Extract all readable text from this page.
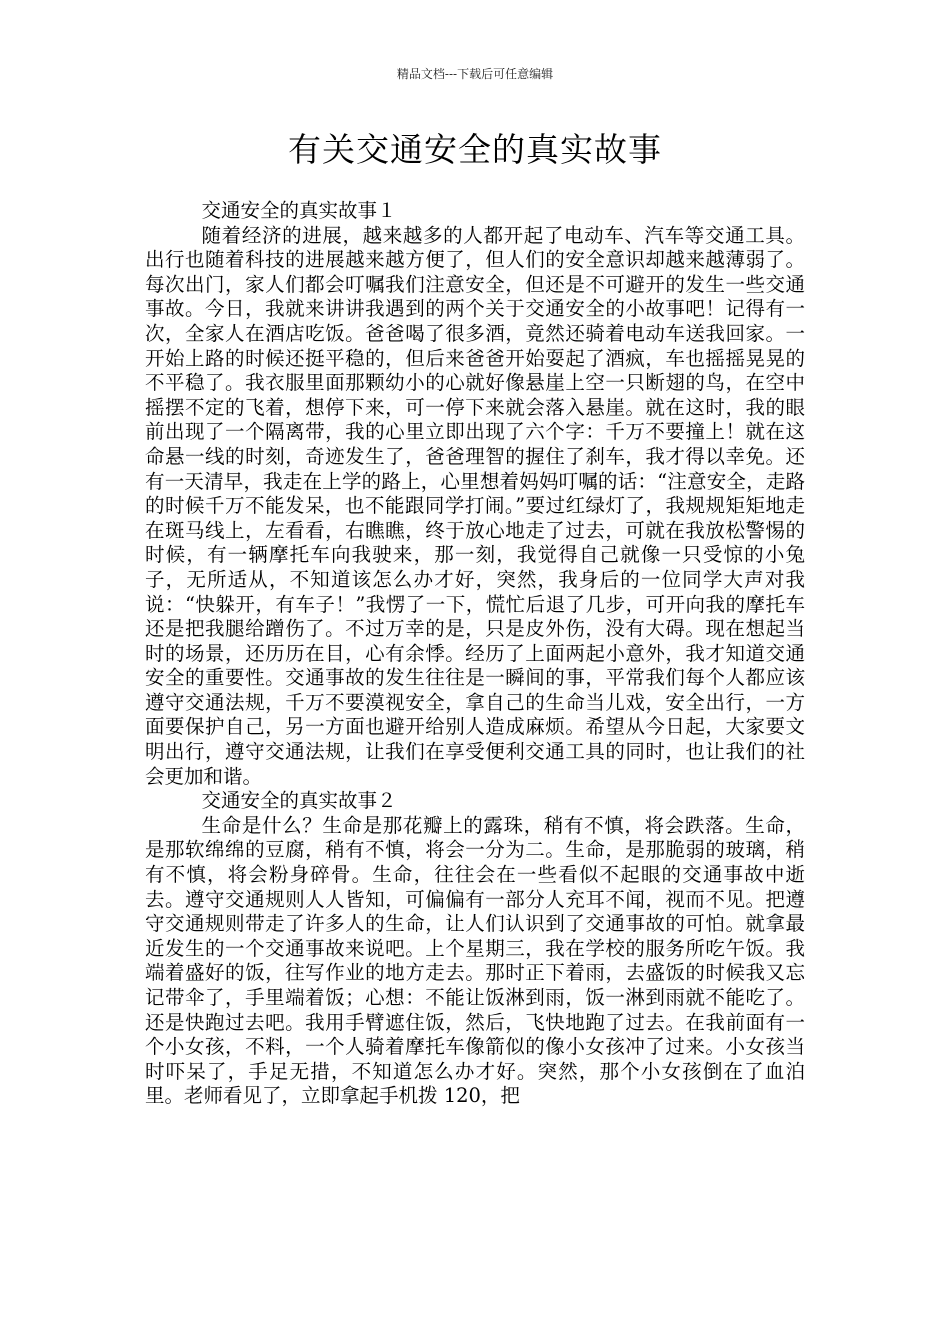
精品文档---下载后可任意编辑
有关交通安全的真实故事

交通安全的真实故事１

随着经济的进展，越来越多的人都开起了电动车、汽车等交通工具。出行也随着科技的进展越来越方便了，但人们的安全意识却越来越薄弱了。每次出门，家人们都会叮嘱我们注意安全，但还是不可避开的发生一些交通事故。今日，我就来讲讲我遇到的两个关于交通安全的小故事吧！记得有一次，全家人在酒店吃饭。爸爸喝了很多酒，竟然还骑着电动车送我回家。一开始上路的时候还挺平稳的，但后来爸爸开始耍起了酒疯，车也摇摇晃晃的不平稳了。我衣服里面那颗幼小的心就好像悬崖上空一只断翅的鸟，在空中摇摆不定的飞着，想停下来，可一停下来就会落入悬崖。就在这时，我的眼前出现了一个隔离带，我的心里立即出现了六个字：千万不要撞上！就在这命悬一线的时刻，奇迹发生了，爸爸理智的握住了刹车，我才得以幸免。还有一天清早，我走在上学的路上，心里想着妈妈叮嘱的话：“注意安全，走路的时候千万不能发呆，也不能跟同学打闹。”要过红绿灯了，我规规矩矩地走在斑马线上，左看看，右瞧瞧，终于放心地走了过去，可就在我放松警惕的时候，有一辆摩托车向我驶来，那一刻，我觉得自己就像一只受惊的小兔子，无所适从，不知道该怎么办才好，突然，我身后的一位同学大声对我说：“快躲开，有车子！”我愣了一下，慌忙后退了几步，可开向我的摩托车还是把我腿给蹭伤了。不过万幸的是，只是皮外伤，没有大碍。现在想起当时的场景，还历历在目，心有余悸。经历了上面两起小意外，我才知道交通安全的重要性。交通事故的发生往往是一瞬间的事，平常我们每个人都应该遵守交通法规，千万不要漠视安全，拿自己的生命当儿戏，安全出行，一方面要保护自己，另一方面也避开给别人造成麻烦。希望从今日起，大家要文明出行，遵守交通法规，让我们在享受便利交通工具的同时，也让我们的社会更加和谐。

交通安全的真实故事２

生命是什么？生命是那花瓣上的露珠，稍有不慎，将会跌落。生命，是那软绵绵的豆腐，稍有不慎，将会一分为二。生命，是那脆弱的玻璃，稍有不慎，将会粉身碎骨。生命，往往会在一些看似不起眼的交通事故中逝去。遵守交通规则人人皆知，可偏偏有一部分人充耳不闻，视而不见。把遵守交通规则带走了许多人的生命，让人们认识到了交通事故的可怕。就拿最近发生的一个交通事故来说吧。上个星期三，我在学校的服务所吃午饭。我端着盛好的饭，往写作业的地方走去。那时正下着雨，去盛饭的时候我又忘记带伞了，手里端着饭；心想：不能让饭淋到雨，饭一淋到雨就不能吃了。还是快跑过去吧。我用手臂遮住饭，然后，飞快地跑了过去。在我前面有一个小女孩，不料，一个人骑着摩托车像箭似的像小女孩冲了过来。小女孩当时吓呆了，手足无措，不知道怎么办才好。突然，那个小女孩倒在了血泊里。老师看见了，立即拿起手机拨 120，把
